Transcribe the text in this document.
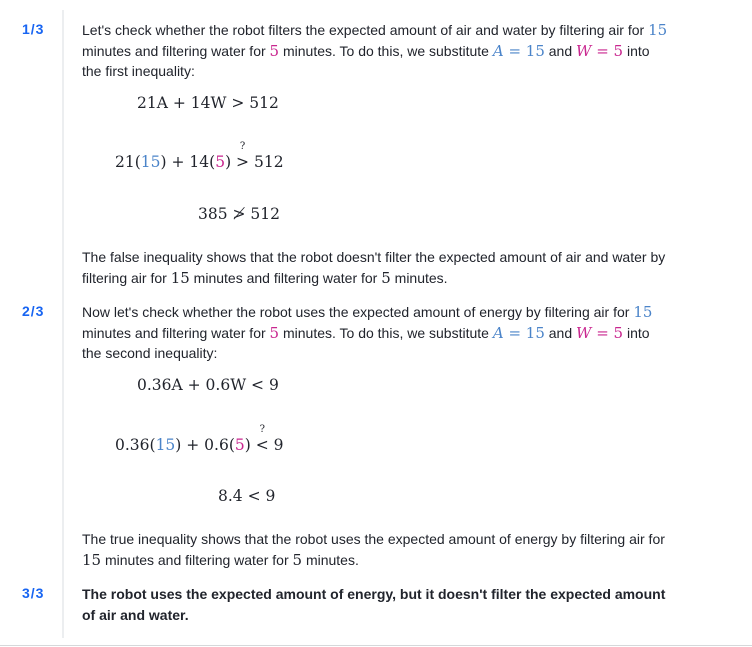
1/3	Let's check whether the robot filters the expected amount of air and water by filtering air for 15
minutes and filtering water for 5 minutes. To do this, we substitute A = 15 and W = 5 into
the first inequality:
21A + 14W > 512
21(15) + 14(5)
?
> 512
385 ≯ 512
The false inequality shows that the robot doesn't filter the expected amount of air and water by
filtering air for 15 minutes and filtering water for 5 minutes.
2/3	Now let's check whether the robot uses the expected amount of energy by filtering air for 15
minutes and filtering water for 5 minutes. To do this, we substitute A = 15 and W = 5 into
the second inequality:
0.36A + 0.6W < 9
0.36(15) + 0.6(5)
?
< 9
8.4 < 9
The true inequality shows that the robot uses the expected amount of energy by filtering air for
15 minutes and filtering water for 5 minutes.
3/3	The robot uses the expected amount of energy, but it doesn't filter the expected amount of air and water.
